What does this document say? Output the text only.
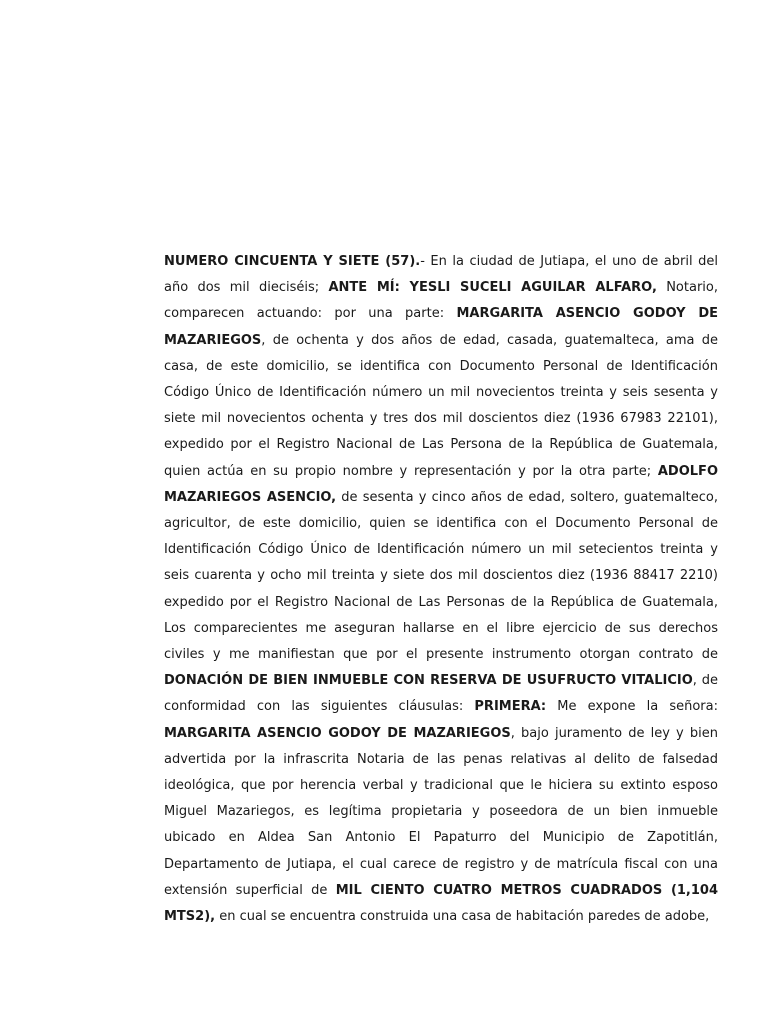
NUMERO CINCUENTA Y SIETE (57).- En la ciudad de Jutiapa, el uno de abril del año dos mil dieciséis; ANTE MÍ: YESLI SUCELI AGUILAR ALFARO, Notario, comparecen actuando: por una parte: MARGARITA ASENCIO GODOY DE MAZARIEGOS, de ochenta y dos años de edad, casada, guatemalteca, ama de casa, de este domicilio, se identifica con Documento Personal de Identificación Código Único de Identificación número un mil novecientos treinta y seis sesenta y siete mil novecientos ochenta y tres dos mil doscientos diez (1936 67983 22101), expedido por el Registro Nacional de Las Persona de la República de Guatemala, quien actúa en su propio nombre y representación y por la otra parte; ADOLFO MAZARIEGOS ASENCIO, de sesenta y cinco años de edad, soltero, guatemalteco, agricultor, de este domicilio, quien se identifica con el Documento Personal de Identificación Código Único de Identificación número un mil setecientos treinta y seis cuarenta y ocho mil treinta y siete dos mil doscientos diez (1936 88417 2210) expedido por el Registro Nacional de Las Personas de la República de Guatemala, Los comparecientes me aseguran hallarse en el libre ejercicio de sus derechos civiles y me manifiestan que por el presente instrumento otorgan contrato de DONACIÓN DE BIEN INMUEBLE CON RESERVA DE USUFRUCTO VITALICIO, de conformidad con las siguientes cláusulas: PRIMERA: Me expone la señora: MARGARITA ASENCIO GODOY DE MAZARIEGOS, bajo juramento de ley y bien advertida por la infrascrita Notaria de las penas relativas al delito de falsedad ideológica, que por herencia verbal y tradicional que le hiciera su extinto esposo Miguel Mazariegos, es legítima propietaria y poseedora de un bien inmueble ubicado en Aldea San Antonio El Papaturro del Municipio de Zapotitlán, Departamento de Jutiapa, el cual carece de registro y de matrícula fiscal con una extensión superficial de MIL CIENTO CUATRO METROS CUADRADOS (1,104 MTS2), en cual se encuentra construida una casa de habitación paredes de adobe,
